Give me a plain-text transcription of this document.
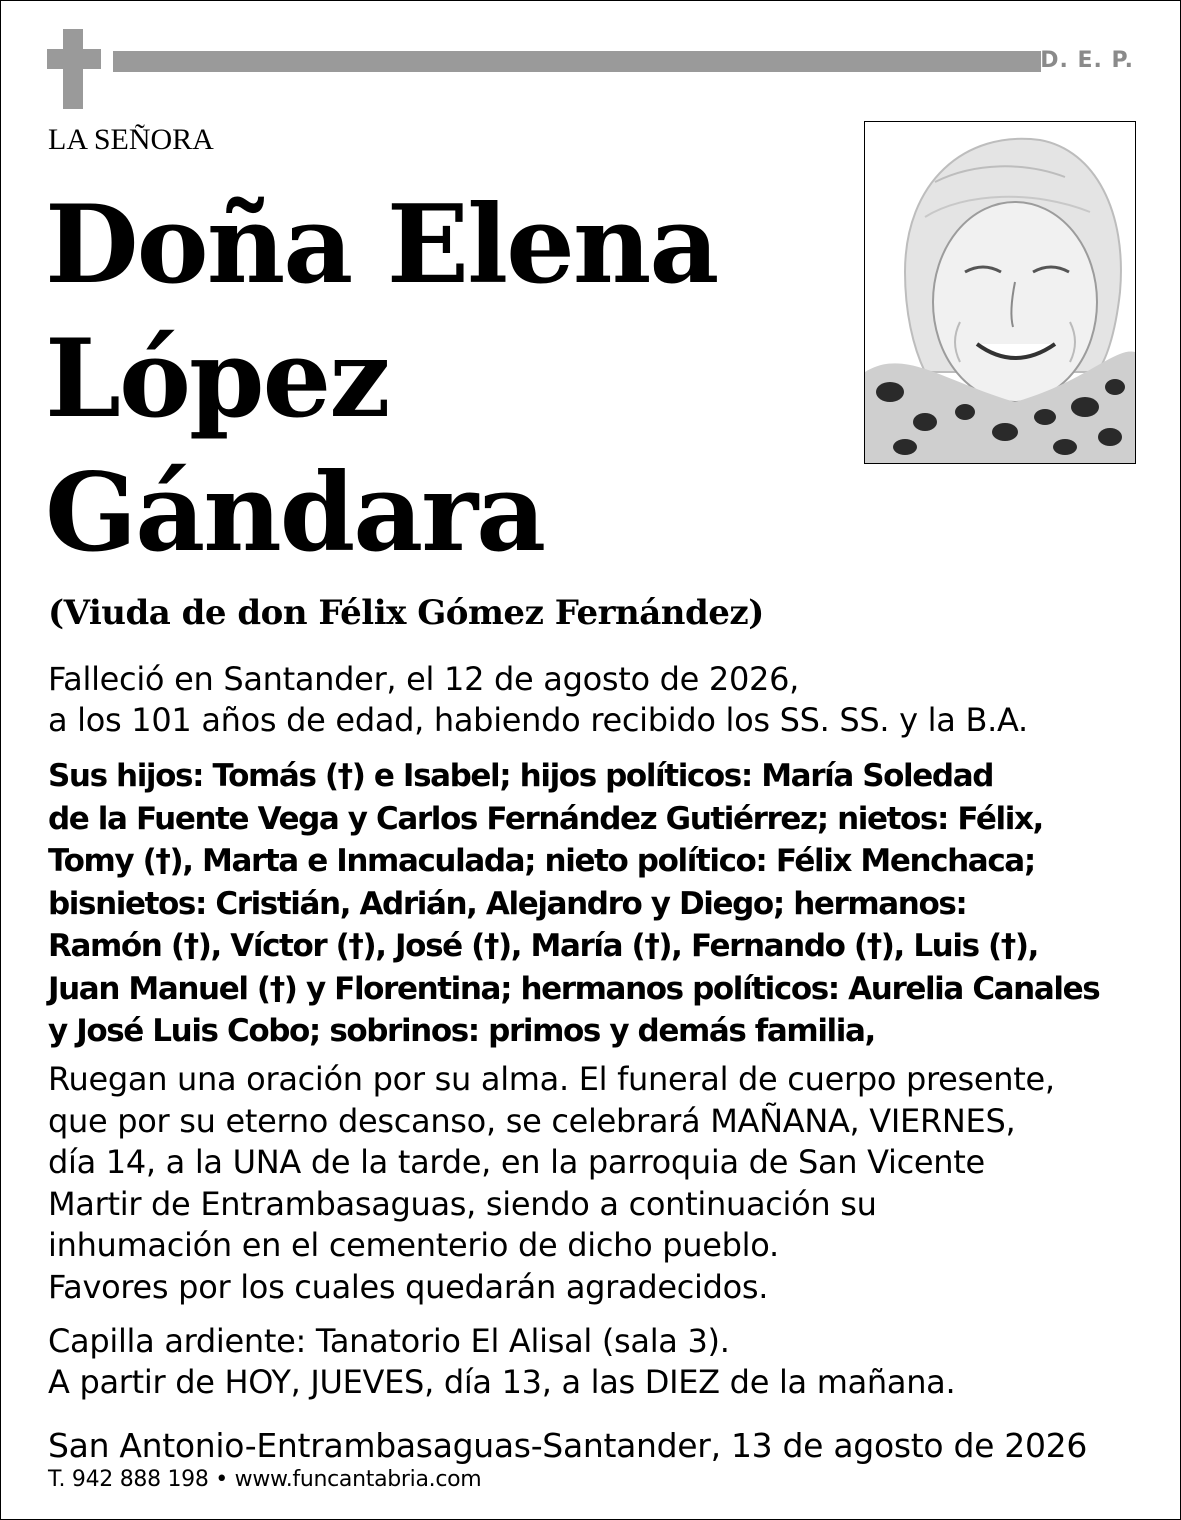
D. E. P.
LA SEÑORA
Doña Elena
López
Gándara
(Viuda de don Félix Gómez Fernández)
Falleció en Santander, el 12 de agosto de 2026,
a los 101 años de edad, habiendo recibido los SS. SS. y la B.A.
Sus hijos: Tomás (†) e Isabel; hijos políticos: María Soledad
de la Fuente Vega y Carlos Fernández Gutiérrez; nietos: Félix,
Tomy (†), Marta e Inmaculada; nieto político: Félix Menchaca;
bisnietos: Cristián, Adrián, Alejandro y Diego; hermanos:
Ramón (†), Víctor (†), José (†), María (†), Fernando (†), Luis (†),
Juan Manuel (†) y Florentina; hermanos políticos: Aurelia Canales
y José Luis Cobo; sobrinos: primos y demás familia,
Ruegan una oración por su alma. El funeral de cuerpo presente,
que por su eterno descanso, se celebrará MAÑANA, VIERNES,
día 14, a la UNA de la tarde, en la parroquia de San Vicente
Martir de Entrambasaguas, siendo a continuación su
inhumación en el cementerio de dicho pueblo.
Favores por los cuales quedarán agradecidos.
Capilla ardiente: Tanatorio El Alisal (sala 3).
A partir de HOY, JUEVES, día 13, a las DIEZ de la mañana.
San Antonio-Entrambasaguas-Santander, 13 de agosto de 2026
T. 942 888 198 • www.funcantabria.com
